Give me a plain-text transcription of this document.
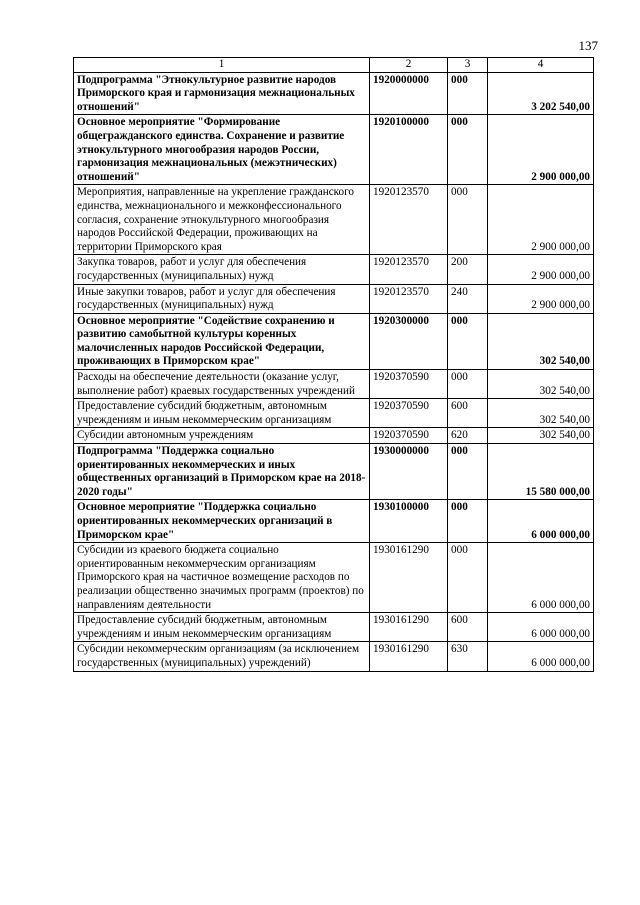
137
1	2	3	4
Подпрограмма "Этнокультурное развитие народов Приморского края и гармонизация межнациональных отношений"	1920000000	000	3 202 540,00
Основное мероприятие "Формирование общегражданского единства. Сохранение и развитие этнокультурного многообразия народов России, гармонизация межнациональных (межэтнических) отношений"	1920100000	000	2 900 000,00
Мероприятия, направленные на укрепление гражданского единства, межнационального и межконфессионального согласия, сохранение этнокультурного многообразия народов Российской Федерации, проживающих на территории Приморского края	1920123570	000	2 900 000,00
Закупка товаров, работ и услуг для обеспечения государственных (муниципальных) нужд	1920123570	200	2 900 000,00
Иные закупки товаров, работ и услуг для обеспечения государственных (муниципальных) нужд	1920123570	240	2 900 000,00
Основное мероприятие "Содействие сохранению и развитию самобытной культуры коренных малочисленных народов Российской Федерации, проживающих в Приморском крае"	1920300000	000	302 540,00
Расходы на обеспечение деятельности (оказание услуг, выполнение работ) краевых государственных учреждений	1920370590	000	302 540,00
Предоставление субсидий бюджетным, автономным учреждениям и иным некоммерческим организациям	1920370590	600	302 540,00
Субсидии автономным учреждениям	1920370590	620	302 540,00
Подпрограмма "Поддержка социально ориентированных некоммерческих и иных общественных организаций в Приморском крае на 2018-2020 годы"	1930000000	000	15 580 000,00
Основное мероприятие "Поддержка социально ориентированных некоммерческих организаций в Приморском крае"	1930100000	000	6 000 000,00
Субсидии из краевого бюджета социально ориентированным некоммерческим организациям Приморского края на частичное возмещение расходов по реализации общественно значимых программ (проектов) по направлениям деятельности	1930161290	000	6 000 000,00
Предоставление субсидий бюджетным, автономным учреждениям и иным некоммерческим организациям	1930161290	600	6 000 000,00
Субсидии некоммерческим организациям (за исключением государственных (муниципальных) учреждений)	1930161290	630	6 000 000,00
